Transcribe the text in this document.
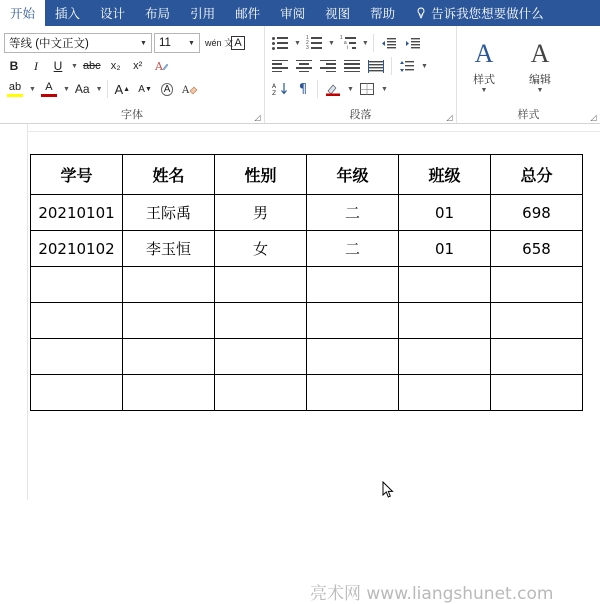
开始 插入 设计 布局 引用 邮件 审阅 视图 帮助	告诉我您想要做什么
等线 (中文正文)	▼ 11	▼ wén 文 A
B I U ▼ abc x₂ x² A
ab ▼ A ▼ Aa ▼ A ▲ A ▼	A	A
字体	◿
▼
1
2
3
▼
1
a
i
▼
▼
A
Z ¶	▼	▼
段落	◿
A
样式
▼
A
编辑
▼
样式	◿
学号	姓名	性别	年级	班级	总分
20210101	王际禹	男	二	01	698
20210102	李玉恒	女	二	01	658

亮术网 www.liangshunet.com
